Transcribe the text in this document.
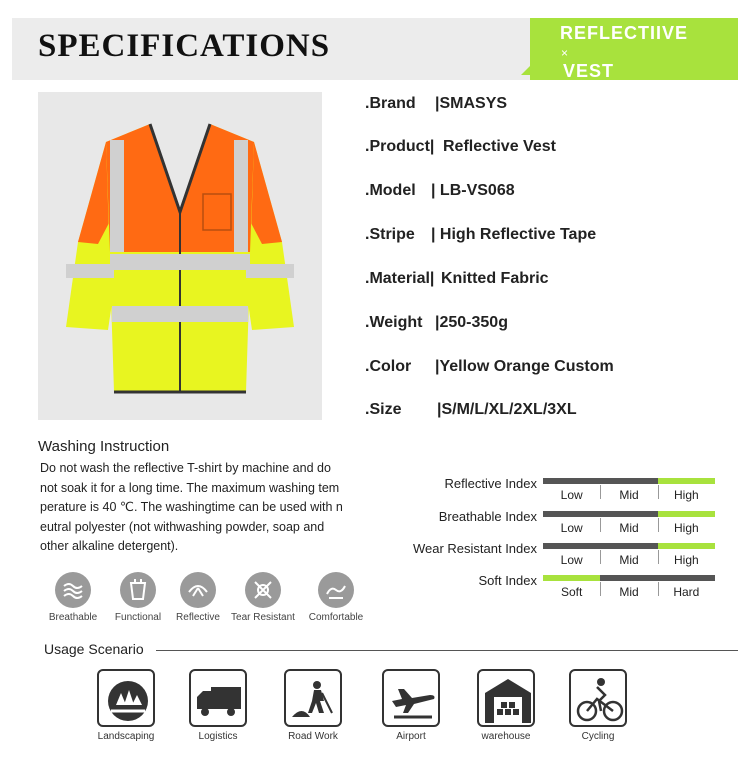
SPECIFICATIONS	REFLECTIIVE
×
VEST
.Brand |SMASYS
.Product| Reflective Vest
.Model | LB-VS068
.Stripe | High Reflective Tape
.Material| Knitted Fabric
.Weight |250-350g
.Color |Yellow Orange Custom
.Size |S/M/L/XL/2XL/3XL
Washing Instruction
Do not wash the reflective T-shirt by machine and do
not soak it for a long time. The maximum washing tem
perature is 40 ℃. The washingtime can be used with n
eutral polyester (not withwashing powder, soap and
other alkaline detergent).
Breathable	Functional	Reflective	Tear Resistant	Comfortable
Reflective Index
Low	Mid	High
Breathable Index
Low	Mid	High
Wear Resistant Index
Low	Mid	High
Soft Index
Soft	Mid	Hard
Usage Scenario
Landscaping	Logistics	Road Work	Airport	warehouse	Cycling
